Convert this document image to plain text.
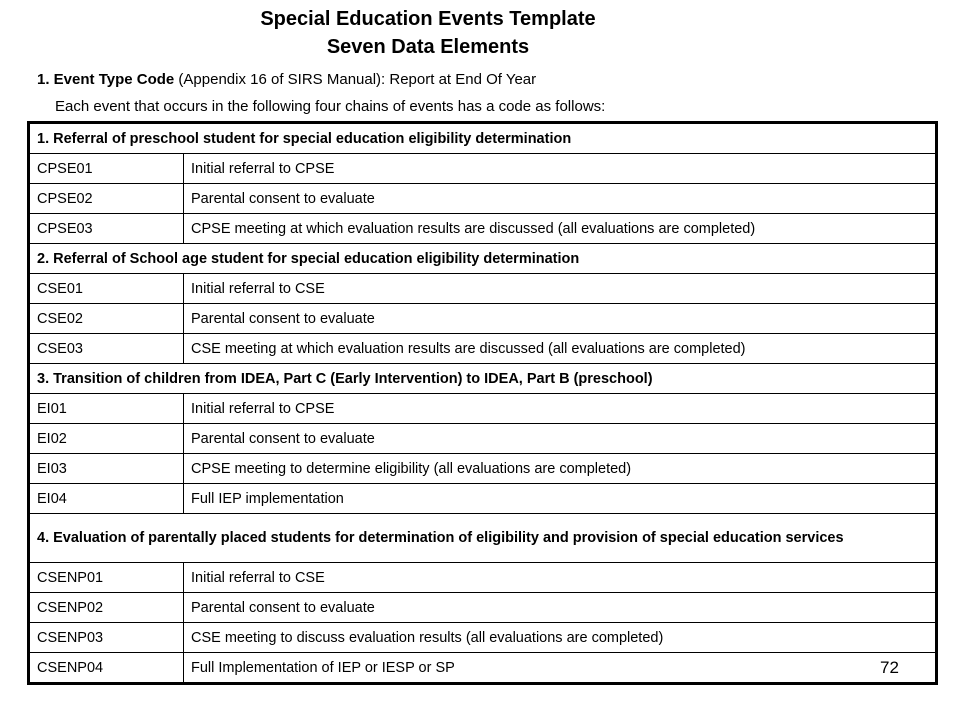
Special Education Events Template
Seven Data Elements
1. Event Type Code (Appendix 16 of SIRS Manual): Report at End Of Year
Each event that occurs in the following four chains of events has a code as follows:
1. Referral of preschool student for special education eligibility determination	
CPSE01	Initial referral to CPSE
CPSE02	Parental consent to evaluate
CPSE03	CPSE meeting at which evaluation results are discussed (all evaluations are completed)
2. Referral of School age student for special education eligibility determination	
CSE01	Initial referral to CSE
CSE02	Parental consent to evaluate
CSE03	CSE meeting at which evaluation results are discussed (all evaluations are completed)
3. Transition of children from IDEA, Part C (Early Intervention) to IDEA, Part B (preschool)	
EI01	Initial referral to CPSE
EI02	Parental consent to evaluate
EI03	CPSE meeting to determine eligibility (all evaluations are completed)
EI04	Full IEP implementation
4. Evaluation of parentally placed students for determination of eligibility and provision of special education services	
CSENP01	Initial referral to CSE
CSENP02	Parental consent to evaluate
CSENP03	CSE meeting to discuss evaluation results (all evaluations are completed)
CSENP04	Full Implementation of IEP or IESP or SP	72
